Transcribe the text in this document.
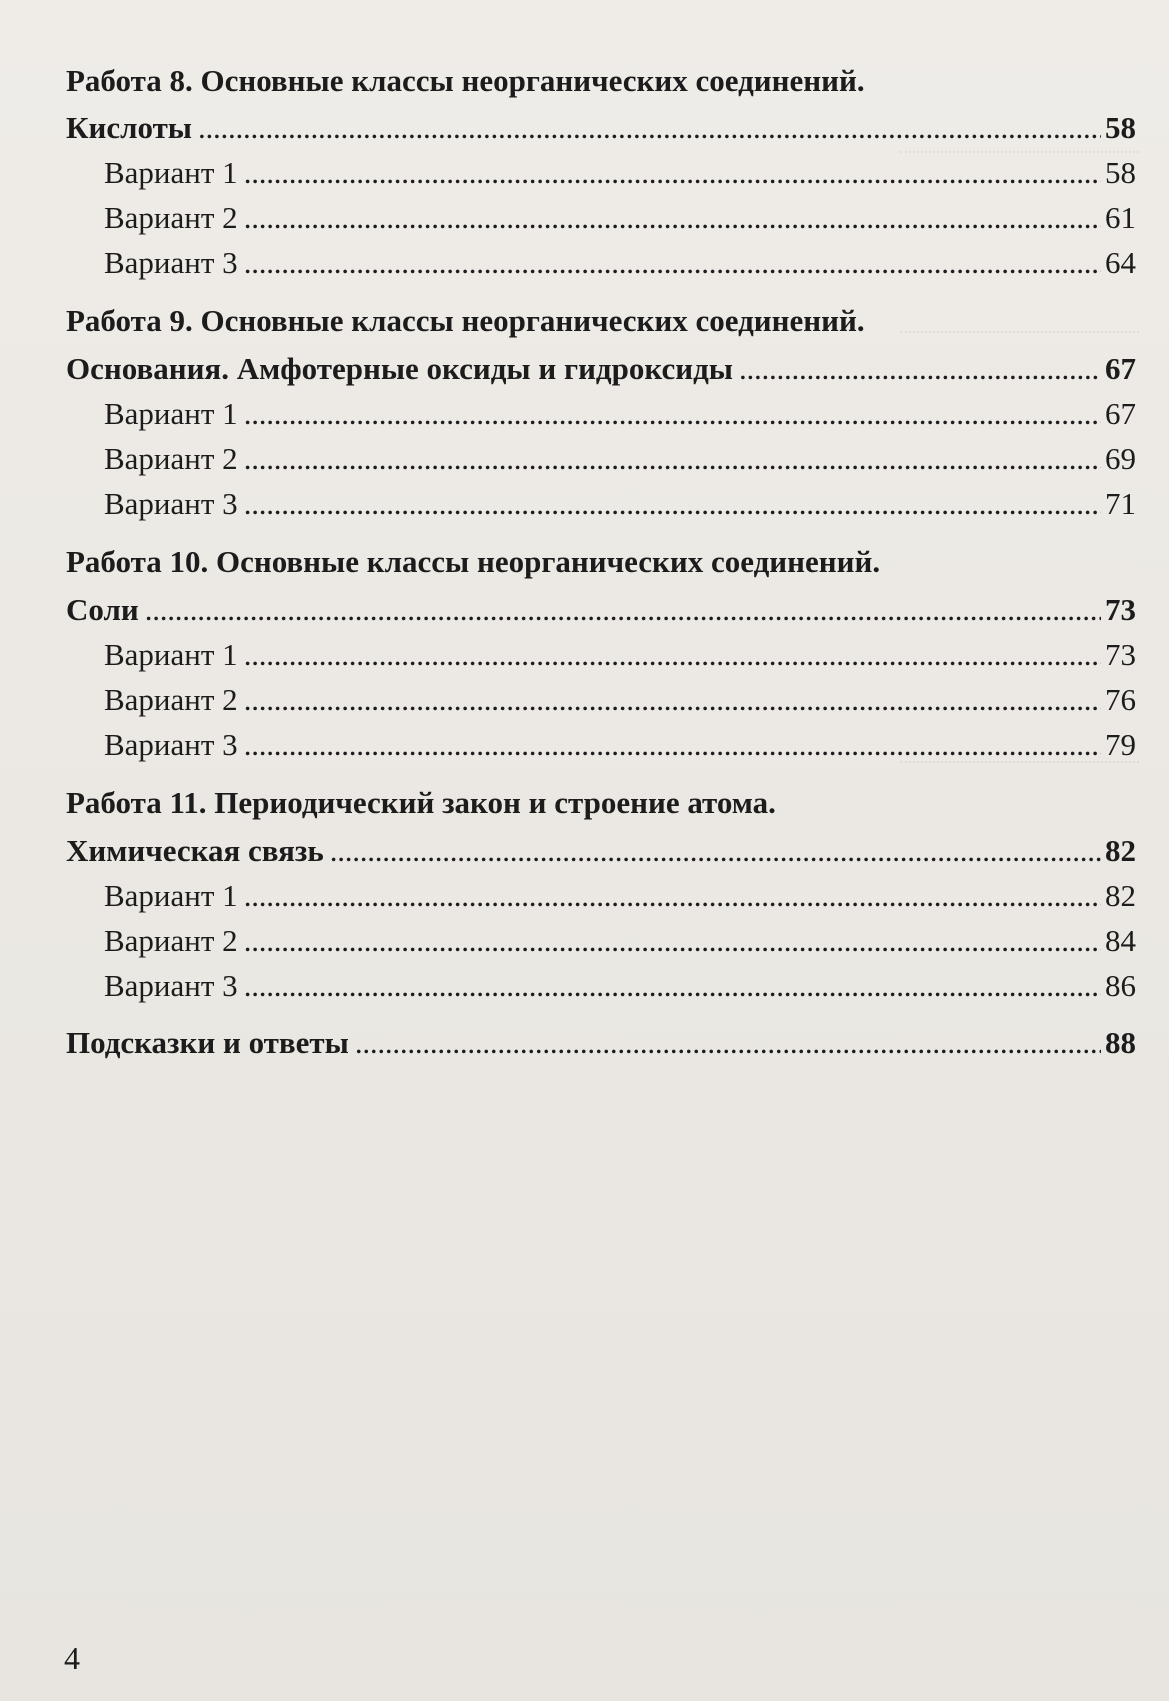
Работа 8. Основные классы неорганических соединений.
Кислоты . . .	58
Вариант 1 . . .	58
Вариант 2 . . .	61
Вариант 3 . . .	64
Работа 9. Основные классы неорганических соединений.
Основания. Амфотерные оксиды и гидроксиды . . .	67
Вариант 1 . . .	67
Вариант 2 . . .	69
Вариант 3 . . .	71
Работа 10. Основные классы неорганических соединений.
Соли . . .	73
Вариант 1 . . .	73
Вариант 2 . . .	76
Вариант 3 . . .	79
Работа 11. Периодический закон и строение атома.
Химическая связь . . .	82
Вариант 1 . . .	82
Вариант 2 . . .	84
Вариант 3 . . .	86
Подсказки и ответы . . .	88
4
